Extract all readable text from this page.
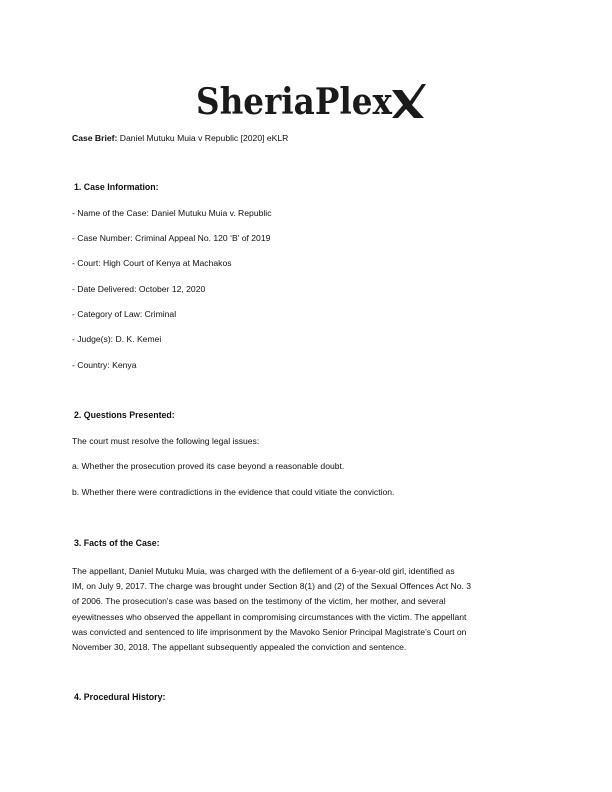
SheriaPlex
Case Brief: Daniel Mutuku Muia v Republic [2020] eKLR
1. Case Information:
- Name of the Case: Daniel Mutuku Muia v. Republic
- Case Number: Criminal Appeal No. 120 ‘B’ of 2019
- Court: High Court of Kenya at Machakos
- Date Delivered: October 12, 2020
- Category of Law: Criminal
- Judge(s): D. K. Kemei
- Country: Kenya
2. Questions Presented:
The court must resolve the following legal issues:
a. Whether the prosecution proved its case beyond a reasonable doubt.
b. Whether there were contradictions in the evidence that could vitiate the conviction.
3. Facts of the Case:
The appellant, Daniel Mutuku Muia, was charged with the defilement of a 6-year-old girl, identified as
IM, on July 9, 2017. The charge was brought under Section 8(1) and (2) of the Sexual Offences Act No. 3
of 2006. The prosecution's case was based on the testimony of the victim, her mother, and several
eyewitnesses who observed the appellant in compromising circumstances with the victim. The appellant
was convicted and sentenced to life imprisonment by the Mavoko Senior Principal Magistrate’s Court on
November 30, 2018. The appellant subsequently appealed the conviction and sentence.
4. Procedural History:
